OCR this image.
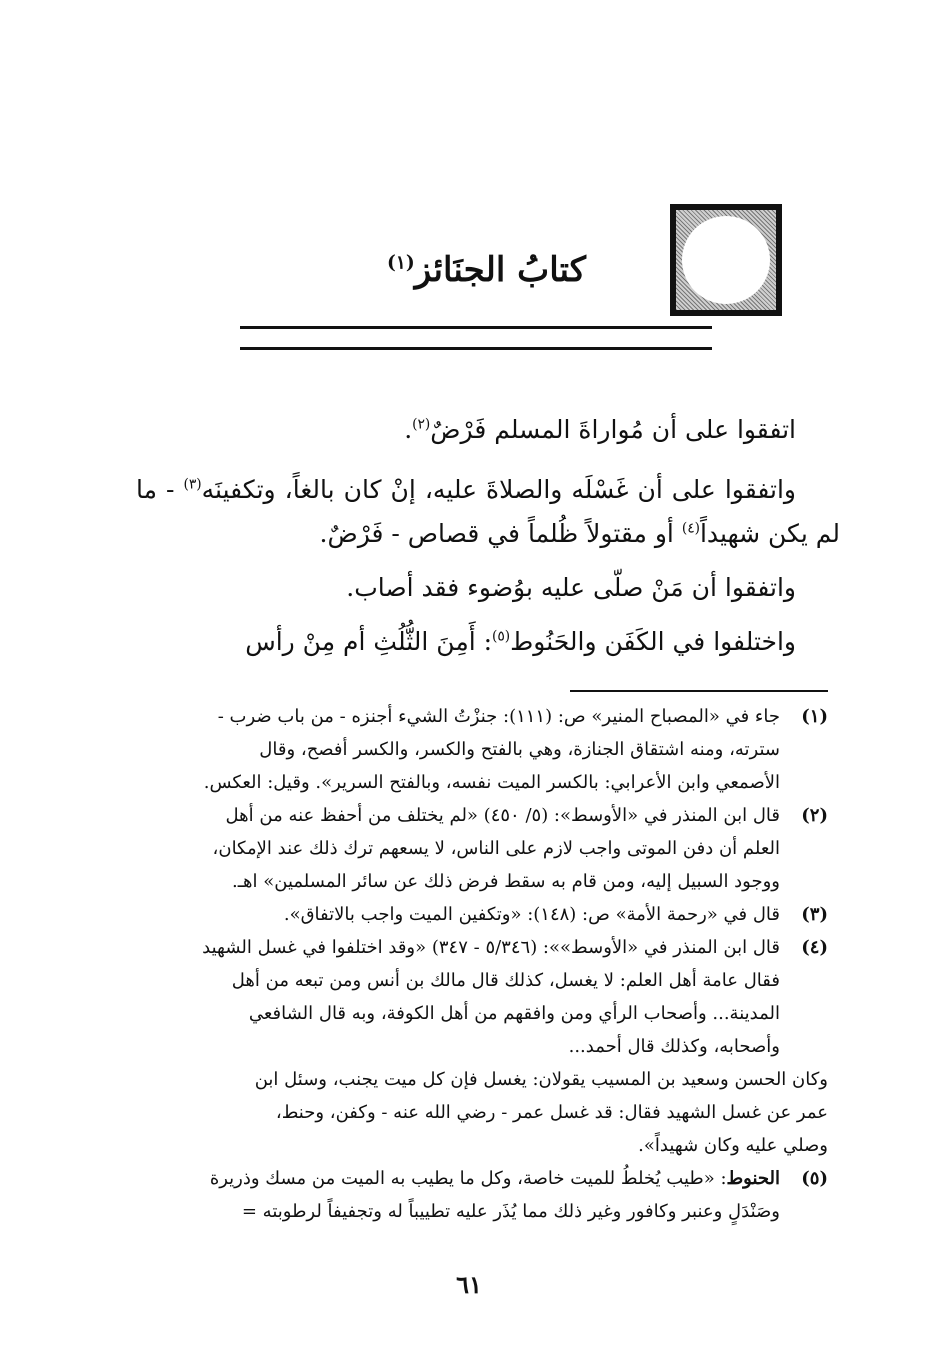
كتابُ الجنَائز$^{(١)}$
اتفقوا على أن مُواراةَ المسلم فَرْضٌ$^{(٢)}$.
واتفقوا على أن غَسْلَه والصلاةَ عليه، إنْ كان بالغاً، وتكفينَه$^{(٣)}$ - ما لم يكن شهيداً$^{(٤)}$ أو مقتولاً ظُلماً في قصاص - فَرْضٌ.
واتفقوا أن مَنْ صلّى عليه بوُضوء فقد أصاب.
واختلفوا في الكَفَن والحَنُوط$^{(٥)}$: أَمِنَ الثُّلُثِ أم مِنْ رأس
(١)
جاء في «المصباح المنير» ص: (١١١): جنزْتُ الشيء أجنزه - من باب ضرب -
سترته، ومنه اشتقاق الجنازة، وهي بالفتح والكسر، والكسر أفصح، وقال
الأصمعي وابن الأعرابي: بالكسر الميت نفسه، وبالفتح السرير». وقيل: العكس.
(٢)
قال ابن المنذر في «الأوسط»: (٥/ ٤٥٠) «لم يختلف من أحفظ عنه من أهل
العلم أن دفن الموتى واجب لازم على الناس، لا يسعهم ترك ذلك عند الإمكان،
ووجود السبيل إليه، ومن قام به سقط فرض ذلك عن سائر المسلمين» اهـ.
(٣)
قال في «رحمة الأمة» ص: (١٤٨): «وتكفين الميت واجب بالاتفاق».
(٤)
قال ابن المنذر في «الأوسط»»: (٥/٣٤٦ - ٣٤٧) «وقد اختلفوا في غسل الشهيد
فقال عامة أهل العلم: لا يغسل، كذلك قال مالك بن أنس ومن تبعه من أهل
المدينة... وأصحاب الرأي ومن وافقهم من أهل الكوفة، وبه قال الشافعي
وأصحابه، وكذلك قال أحمد...
وكان الحسن وسعيد بن المسيب يقولان: يغسل فإن كل ميت يجنب، وسئل ابن
عمر عن غسل الشهيد فقال: قد غسل عمر - رضي الله عنه - وكفن، وحنط،
وصلي عليه وكان شهيداً».
(٥)
الحنوط: «طيب يُخلطُ للميت خاصة، وكل ما يطيب به الميت من مسك وذريرة
وصَنْدَلٍ وعنبر وكافور وغير ذلك مما يُذَر عليه تطييباً له وتجفيفاً لرطوبته =
٦١
